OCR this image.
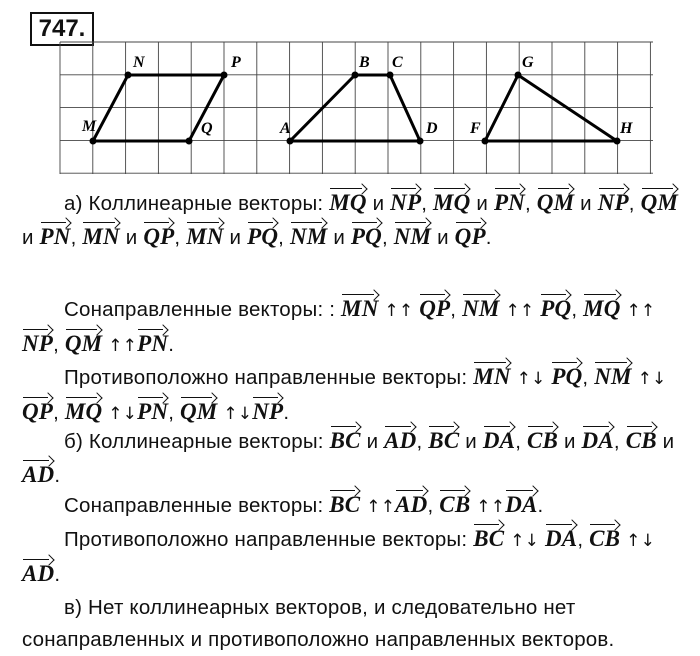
747.
N	P
M	Q	A
B C
D F
G
H
а) Коллинеарные векторы: MQ и NP, MQ и PN, QM и NP, QM и PN, MN и QP, MN и PQ, NM и PQ, NM и QP.
Сонаправленные векторы: : MN ↑↑ QP, NM ↑↑ PQ, MQ ↑↑NP, QM ↑↑PN.
Противоположно направленные векторы: MN ↑↓ PQ, NM ↑↓QP, MQ ↑↓PN, QM ↑↓NP.
б) Коллинеарные векторы: BC и AD, BC и DA, CB и DA, CB и AD.
Сонаправленные векторы: BC ↑↑AD, CB ↑↑DA.
Противоположно направленные векторы: BC ↑↓ DA, CB ↑↓AD.
в) Нет коллинеарных векторов, и следовательно нет
сонаправленных и противоположно направленных векторов.
